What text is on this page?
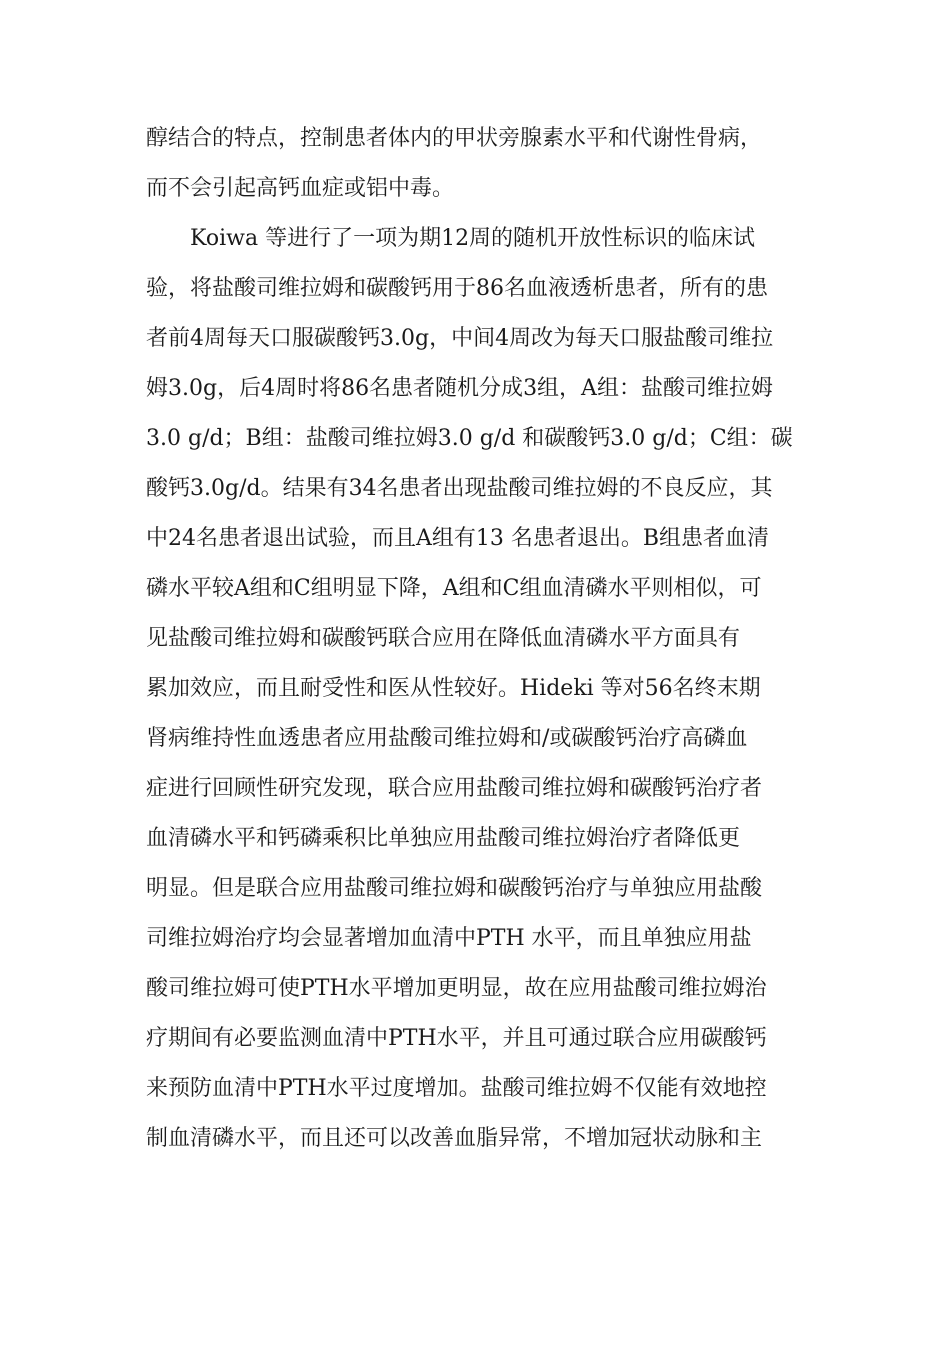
醇结合的特点，控制患者体内的甲状旁腺素水平和代谢性骨病，
而不会引起高钙血症或铝中毒。
　　Koiwa 等进行了一项为期12周的随机开放性标识的临床试
验，将盐酸司维拉姆和碳酸钙用于86名血液透析患者，所有的患
者前4周每天口服碳酸钙3.0g，中间4周改为每天口服盐酸司维拉
姆3.0g，后4周时将86名患者随机分成3组，A组：盐酸司维拉姆
3.0 g/d；B组：盐酸司维拉姆3.0 g/d 和碳酸钙3.0 g/d；C组：碳
酸钙3.0g/d。结果有34名患者出现盐酸司维拉姆的不良反应，其
中24名患者退出试验，而且A组有13 名患者退出。B组患者血清
磷水平较A组和C组明显下降，A组和C组血清磷水平则相似，可
见盐酸司维拉姆和碳酸钙联合应用在降低血清磷水平方面具有
累加效应，而且耐受性和医从性较好。Hideki 等对56名终末期
肾病维持性血透患者应用盐酸司维拉姆和/或碳酸钙治疗高磷血
症进行回顾性研究发现，联合应用盐酸司维拉姆和碳酸钙治疗者
血清磷水平和钙磷乘积比单独应用盐酸司维拉姆治疗者降低更
明显。但是联合应用盐酸司维拉姆和碳酸钙治疗与单独应用盐酸
司维拉姆治疗均会显著增加血清中PTH 水平，而且单独应用盐
酸司维拉姆可使PTH水平增加更明显，故在应用盐酸司维拉姆治
疗期间有必要监测血清中PTH水平，并且可通过联合应用碳酸钙
来预防血清中PTH水平过度增加。盐酸司维拉姆不仅能有效地控
制血清磷水平，而且还可以改善血脂异常，不增加冠状动脉和主
